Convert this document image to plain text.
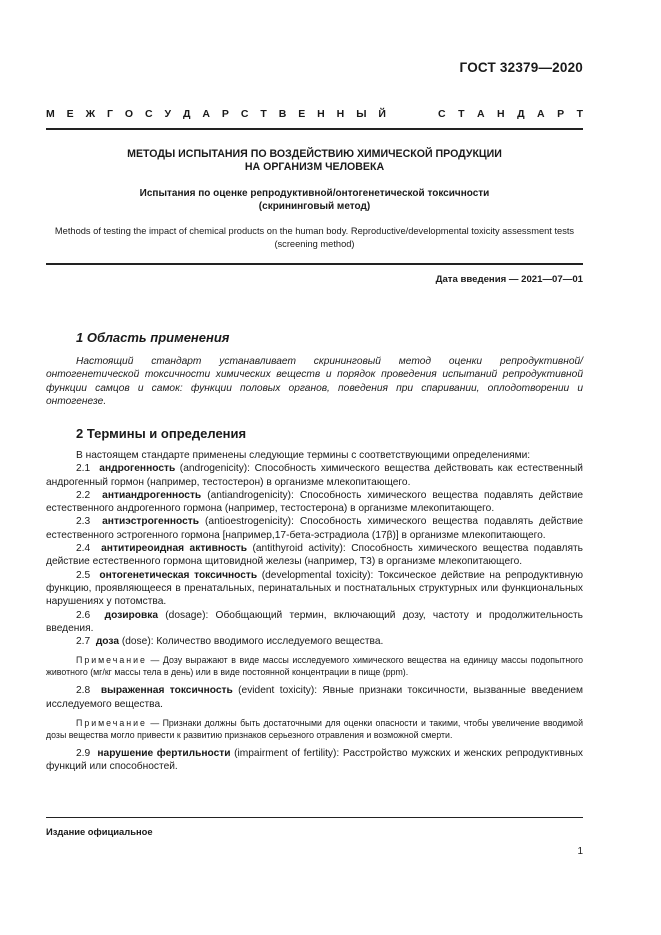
ГОСТ 32379—2020
М Е Ж Г О С У Д А Р С Т В Е Н Н Ы Й	С Т А Н Д А Р Т
МЕТОДЫ ИСПЫТАНИЯ ПО ВОЗДЕЙСТВИЮ ХИМИЧЕСКОЙ ПРОДУКЦИИ
НА ОРГАНИЗМ ЧЕЛОВЕКА
Испытания по оценке репродуктивной/онтогенетической токсичности
(скрининговый метод)
Methods of testing the impact of chemical products on the human body. Reproductive/developmental toxicity assessment tests (screening method)
Дата введения — 2021—07—01
1 Область применения

Настоящий стандарт устанавливает скрининговый метод оценки репродуктивной/онтогенетической токсичности химических веществ и порядок проведения испытаний репродуктивной функции самцов и самок: функции половых органов, поведения при спаривании, оплодотворении и онтогенезе.

2 Термины и определения

В настоящем стандарте применены следующие термины с соответствующими определениями:

2.1 андрогенность (androgenicity): Способность химического вещества действовать как естественный андрогенный гормон (например, тестостерон) в организме млекопитающего.

2.2 антиандрогенность (antiandrogenicity): Способность химического вещества подавлять действие естественного андрогенного гормона (например, тестостерона) в организме млекопитающего.

2.3 антиэстрогенность (antioestrogenicity): Способность химического вещества подавлять действие естественного эстрогенного гормона [например,17-бета-эстрадиола (17β)] в организме млекопитающего.

2.4 антитиреоидная активность (antithyroid activity): Способность химического вещества подавлять действие естественного гормона щитовидной железы (например, Т3) в организме млекопитающего.

2.5 онтогенетическая токсичность (developmental toxicity): Токсическое действие на репродуктивную функцию, проявляющееся в пренатальных, перинатальных и постнатальных структурных или функциональных нарушениях у потомства.

2.6 дозировка (dosage): Обобщающий термин, включающий дозу, частоту и продолжительность введения.

2.7 доза (dose): Количество вводимого исследуемого вещества.

Примечание — Дозу выражают в виде массы исследуемого химического вещества на единицу массы подопытного животного (мг/кг массы тела в день) или в виде постоянной концентрации в пище (ppm).

2.8 выраженная токсичность (evident toxicity): Явные признаки токсичности, вызванные введением исследуемого вещества.

Примечание — Признаки должны быть достаточными для оценки опасности и такими, чтобы увеличение вводимой дозы вещества могло привести к развитию признаков серьезного отравления и возможной смерти.

2.9 нарушение фертильности (impairment of fertility): Расстройство мужских и женских репродуктивных функций или способностей.

Издание официальное
1
